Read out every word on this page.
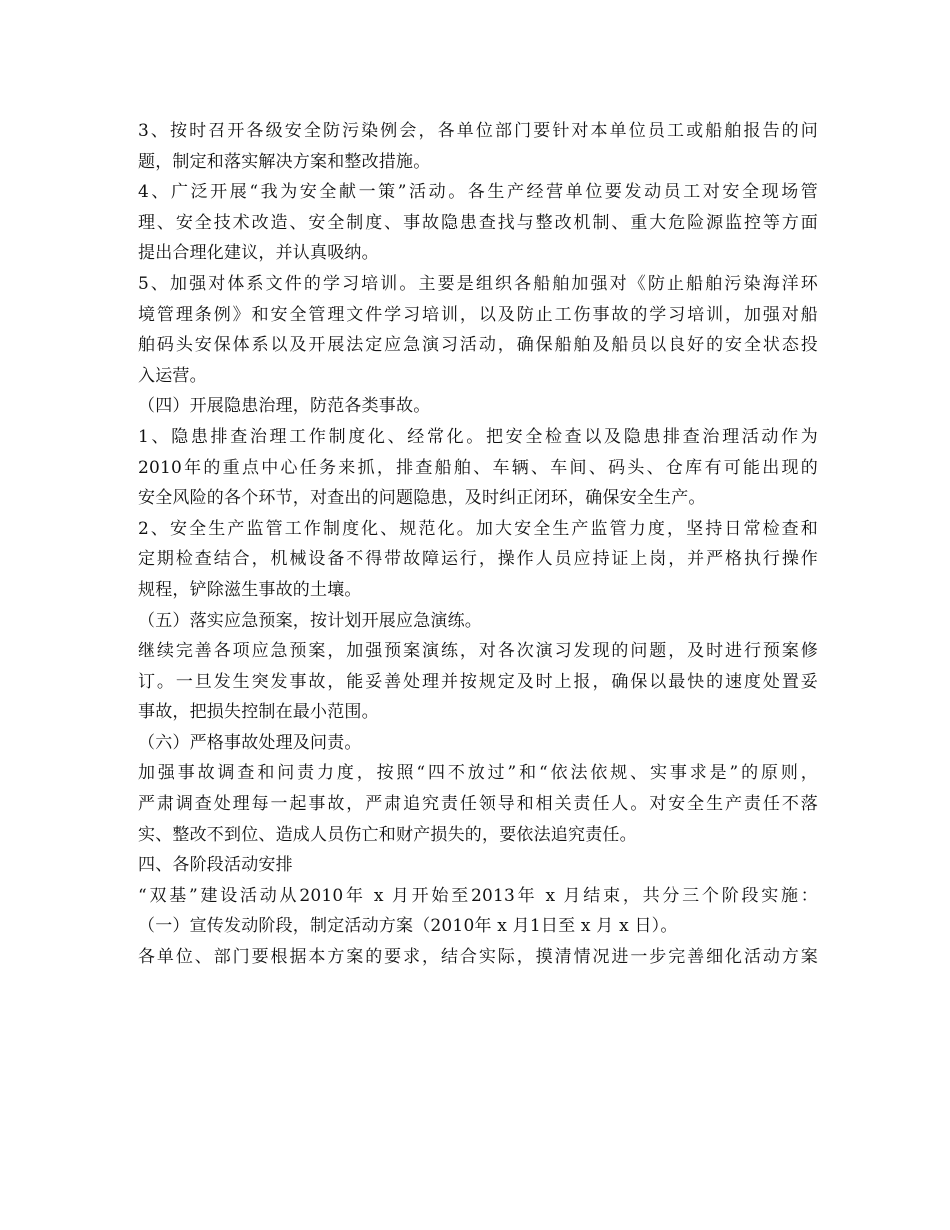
3、按时召开各级安全防污染例会，各单位部门要针对本单位员工或船舶报告的问
题，制定和落实解决方案和整改措施。
4、广泛开展“我为安全献一策”活动。各生产经营单位要发动员工对安全现场管
理、安全技术改造、安全制度、事故隐患查找与整改机制、重大危险源监控等方面
提出合理化建议，并认真吸纳。
5、加强对体系文件的学习培训。主要是组织各船舶加强对《防止船舶污染海洋环
境管理条例》和安全管理文件学习培训，以及防止工伤事故的学习培训，加强对船
舶码头安保体系以及开展法定应急演习活动，确保船舶及船员以良好的安全状态投
入运营。
（四）开展隐患治理，防范各类事故。
1、隐患排查治理工作制度化、经常化。把安全检查以及隐患排查治理活动作为
2010年的重点中心任务来抓，排查船舶、车辆、车间、码头、仓库有可能出现的
安全风险的各个环节，对查出的问题隐患，及时纠正闭环，确保安全生产。
2、安全生产监管工作制度化、规范化。加大安全生产监管力度，坚持日常检查和
定期检查结合，机械设备不得带故障运行，操作人员应持证上岗，并严格执行操作
规程，铲除滋生事故的土壤。
（五）落实应急预案，按计划开展应急演练。
继续完善各项应急预案，加强预案演练，对各次演习发现的问题，及时进行预案修
订。一旦发生突发事故，能妥善处理并按规定及时上报，确保以最快的速度处置妥
事故，把损失控制在最小范围。
（六）严格事故处理及问责。
加强事故调查和问责力度，按照“四不放过”和“依法依规、实事求是”的原则，
严肃调查处理每一起事故，严肃追究责任领导和相关责任人。对安全生产责任不落
实、整改不到位、造成人员伤亡和财产损失的，要依法追究责任。
四、各阶段活动安排
“双基”建设活动从2010年 x 月开始至2013年 x 月结束，共分三个阶段实施：
（一）宣传发动阶段，制定活动方案（2010年 x 月1日至 x 月 x 日）。
各单位、部门要根据本方案的要求，结合实际，摸清情况进一步完善细化活动方案
